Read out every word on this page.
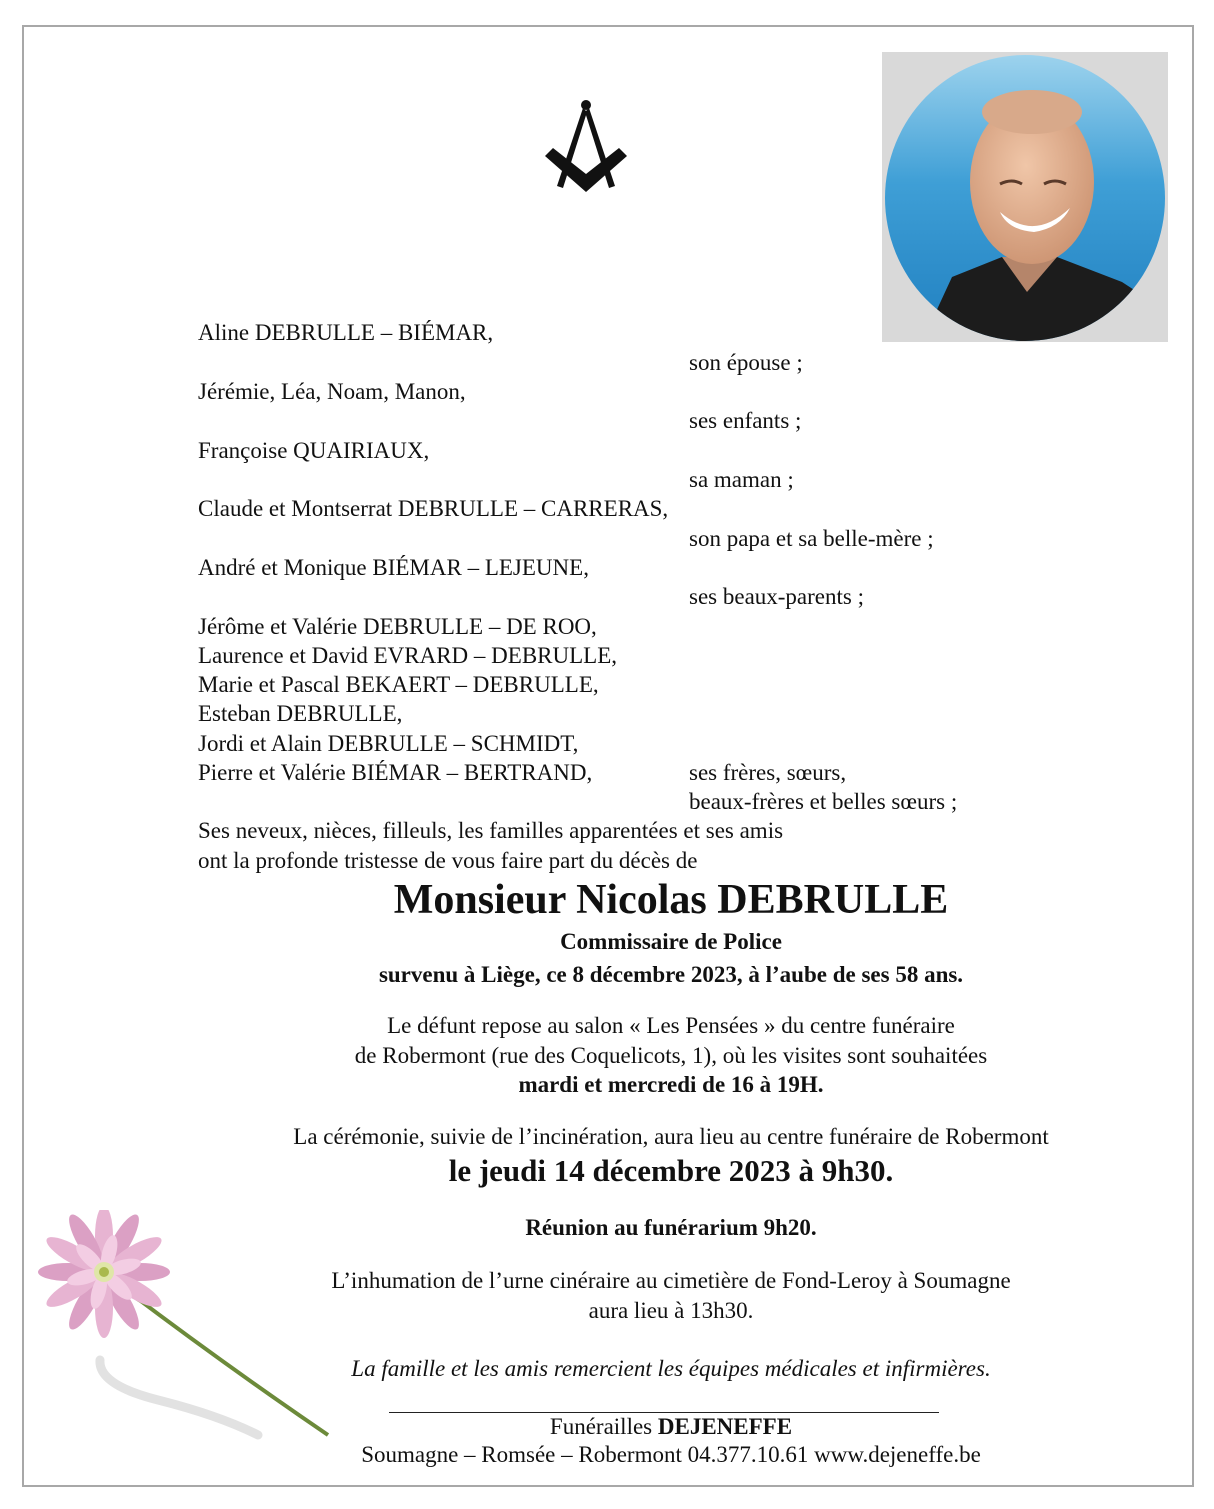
Aline DEBRULLE – BIÉMAR,
son épouse ;
Jérémie, Léa, Noam, Manon,
ses enfants ;
Françoise QUAIRIAUX,
sa maman ;
Claude et Montserrat DEBRULLE – CARRERAS,
son papa et sa belle-mère ;
André et Monique BIÉMAR – LEJEUNE,
ses beaux-parents ;
Jérôme et Valérie DEBRULLE – DE ROO,
Laurence et David EVRARD – DEBRULLE,
Marie et Pascal BEKAERT – DEBRULLE,
Esteban DEBRULLE,
Jordi et Alain DEBRULLE – SCHMIDT,
Pierre et Valérie BIÉMAR – BERTRAND,	ses frères, sœurs,
beaux-frères et belles sœurs ;
Ses neveux, nièces, filleuls, les familles apparentées et ses amis
ont la profonde tristesse de vous faire part du décès de
Monsieur Nicolas DEBRULLE
Commissaire de Police
survenu à Liège, ce 8 décembre 2023, à l’aube de ses 58 ans.
Le défunt repose au salon « Les Pensées » du centre funéraire
de Robermont (rue des Coquelicots, 1), où les visites sont souhaitées
mardi et mercredi de 16 à 19H.
La cérémonie, suivie de l’incinération, aura lieu au centre funéraire de Robermont
le jeudi 14 décembre 2023 à 9h30.
Réunion au funérarium 9h20.
L’inhumation de l’urne cinéraire au cimetière de Fond-Leroy à Soumagne
aura lieu à 13h30.
La famille et les amis remercient les équipes médicales et infirmières.
Funérailles DEJENEFFE
Soumagne – Romsée – Robermont 04.377.10.61 www.dejeneffe.be
